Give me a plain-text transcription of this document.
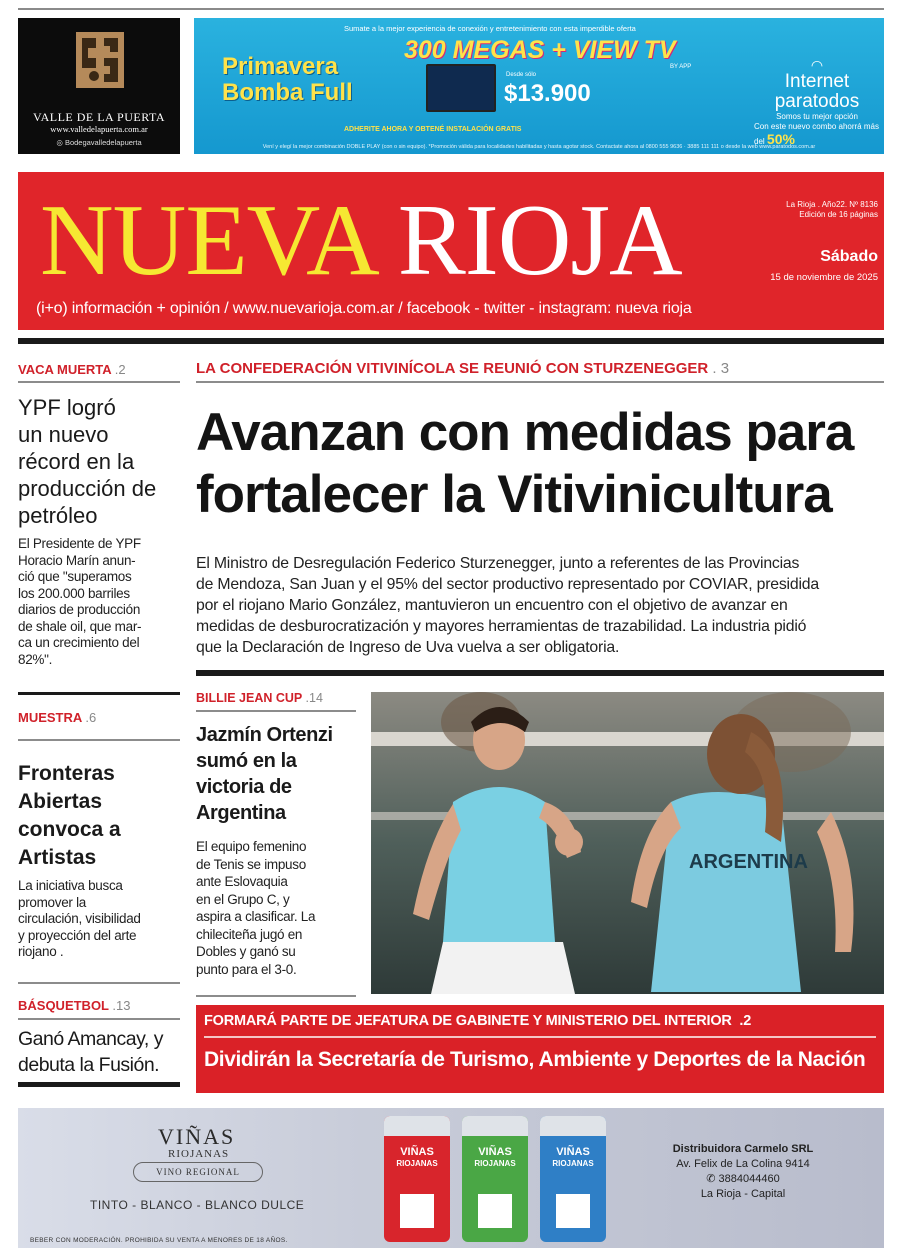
VALLE DE LA PUERTA
www.valledelapuerta.com.ar
◎ Bodegavalledelapuerta
Sumate a la mejor experiencia de conexión y entretenimiento con esta imperdible oferta
300 MEGAS + VIEW TV
BY APP
Primavera
Bomba Full
Desde sólo
$13.900
ADHERITE AHORA Y OBTENÉ INSTALACIÓN GRATIS	Con este nuevo combo ahorrá más del 50%
◠
Internet
paratodos
Somos tu mejor opción
Vení y elegí la mejor combinación DOBLE PLAY (con o sin equipo). *Promoción válida para localidades habilitadas y hasta agotar stock. Contactate ahora al 0800 555 9636 · 3885 111 111 o desde la web www.paratodos.com.ar
NUEVA RIOJA	La Rioja . Año22. Nº 8136
Edición de 16 páginas
Sábado
15 de noviembre de 2025
(i+o) información + opinión / www.nuevarioja.com.ar / facebook - twitter - instagram: nueva rioja
VACA MUERTA .2
YPF logró
un nuevo
récord en la
producción de
petróleo
El Presidente de YPF
Horacio Marín anun-
ció que "superamos
los 200.000 barriles
diarios de producción
de shale oil, que mar-
ca un crecimiento del
82%".
MUESTRA .6
Fronteras
Abiertas
convoca a
Artistas
La iniciativa busca
promover la
circulación, visibilidad
y proyección del arte
riojano .
BÁSQUETBOL .13
Ganó Amancay, y
debuta la Fusión.
LA CONFEDERACIÓN VITIVINÍCOLA SE REUNIÓ CON STURZENEGGER . 3
Avanzan con medidas para
fortalecer la Vitivinicultura
El Ministro de Desregulación Federico Sturzenegger, junto a referentes de las Provincias
de Mendoza, San Juan y el 95% del sector productivo representado por COVIAR, presidida
por el riojano Mario González, mantuvieron un encuentro con el objetivo de avanzar en
medidas de desburocratización y mayores herramientas de trazabilidad. La industria pidió
que la Declaración de Ingreso de Uva vuelva a ser obligatoria.
BILLIE JEAN CUP .14
Jazmín Ortenzi
sumó en la
victoria de
Argentina
El equipo femenino
de Tenis se impuso
ante Eslovaquia
en el Grupo C, y
aspira a clasificar. La
chileciteña jugó en
Dobles y ganó su
punto para el 3-0.
ARGENTINA
FORMARÁ PARTE DE JEFATURA DE GABINETE Y MINISTERIO DEL INTERIOR .2
Dividirán la Secretaría de Turismo, Ambiente y Deportes de la Nación
VIÑAS
RIOJANAS
VINO REGIONAL
TINTO - BLANCO - BLANCO DULCE
BEBER CON MODERACIÓN. PROHIBIDA SU VENTA A MENORES DE 18 AÑOS.
VIÑAS
RIOJANAS
VIÑAS
RIOJANAS
VIÑAS
RIOJANAS
Distribuidora Carmelo SRL
Av. Felix de La Colina 9414
✆ 3884044460
La Rioja - Capital
